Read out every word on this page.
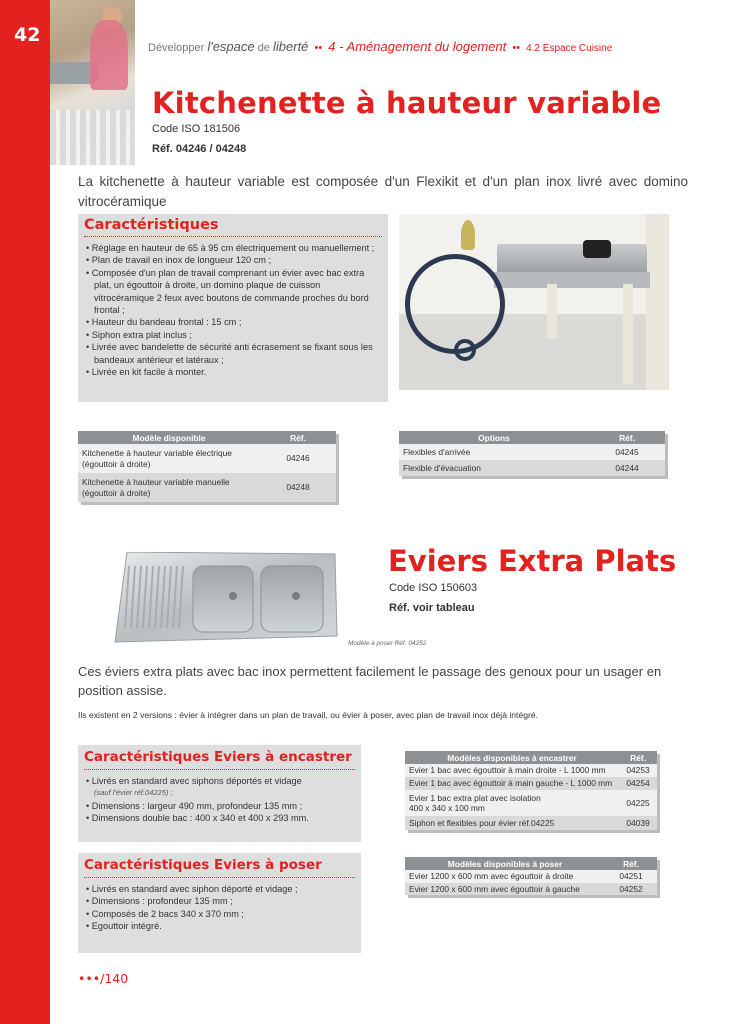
42
Développer l'espace de liberté •• 4 - Aménagement du logement •• 4.2 Espace Cuisine
Kitchenette à hauteur variable
Code ISO 181506
Réf. 04246 / 04248
La kitchenette à hauteur variable est composée d'un Flexikit et d'un plan inox livré avec domino vitrocéramique
Caractéristiques
• Réglage en hauteur de 65 à 95 cm électriquement ou manuellement ;
• Plan de travail en inox de longueur 120 cm ;
• Composée d'un plan de travail comprenant un évier avec bac extra plat, un égouttoir à droite, un domino plaque de cuisson vitrocéramique 2 feux avec boutons de commande proches du bord frontal ;
• Hauteur du bandeau frontal : 15 cm ;
• Siphon extra plat inclus ;
• Livrée avec bandelette de sécurité anti écrasement se fixant sous les bandeaux antérieur et latéraux ;
• Livrée en kit facile à monter.
Modèle disponible	Réf.

Kitchenette à hauteur variable électrique
(égouttoir à droite)	04246

Kitchenette à hauteur variable manuelle
(égouttoir à droite)	04248
Options	Réf.
Flexibles d'arrivée	04245
Flexible d'évacuation	04244
Modèle à poser Réf. 04252
Eviers Extra Plats
Code ISO 150603
Réf. voir tableau
Ces éviers extra plats avec bac inox permettent facilement le passage des genoux pour un usager en position assise.
Ils existent en 2 versions : évier à intégrer dans un plan de travail, ou évier à poser, avec plan de travail inox déjà intégré.
Caractéristiques Eviers à encastrer
• Livrés en standard avec siphons déportés et vidage
(sauf l'évier réf.04225) ;
• Dimensions : largeur 490 mm, profondeur 135 mm ;
• Dimensions double bac : 400 x 340 et 400 x 293 mm.
Caractéristiques Eviers à poser
• Livrés en standard avec siphon déporté et vidage ;
• Dimensions : profondeur 135 mm ;
• Composés de 2 bacs 340 x 370 mm ;
• Egouttoir intégré.
Modèles disponibles à encastrer	Réf.
Evier 1 bac avec égouttoir à main droite - L 1000 mm	04253
Evier 1 bac avec égouttoir à main gauche - L 1000 mm	04254

Evier 1 bac extra plat avec isolation
400 x 340 x 100 mm	04225
Siphon et flexibles pour évier réf.04225	04039
Modèles disponibles à poser	Réf.
Evier 1200 x 600 mm avec égouttoir à droite	04251
Evier 1200 x 600 mm avec égouttoir à gauche	04252
•••/140
